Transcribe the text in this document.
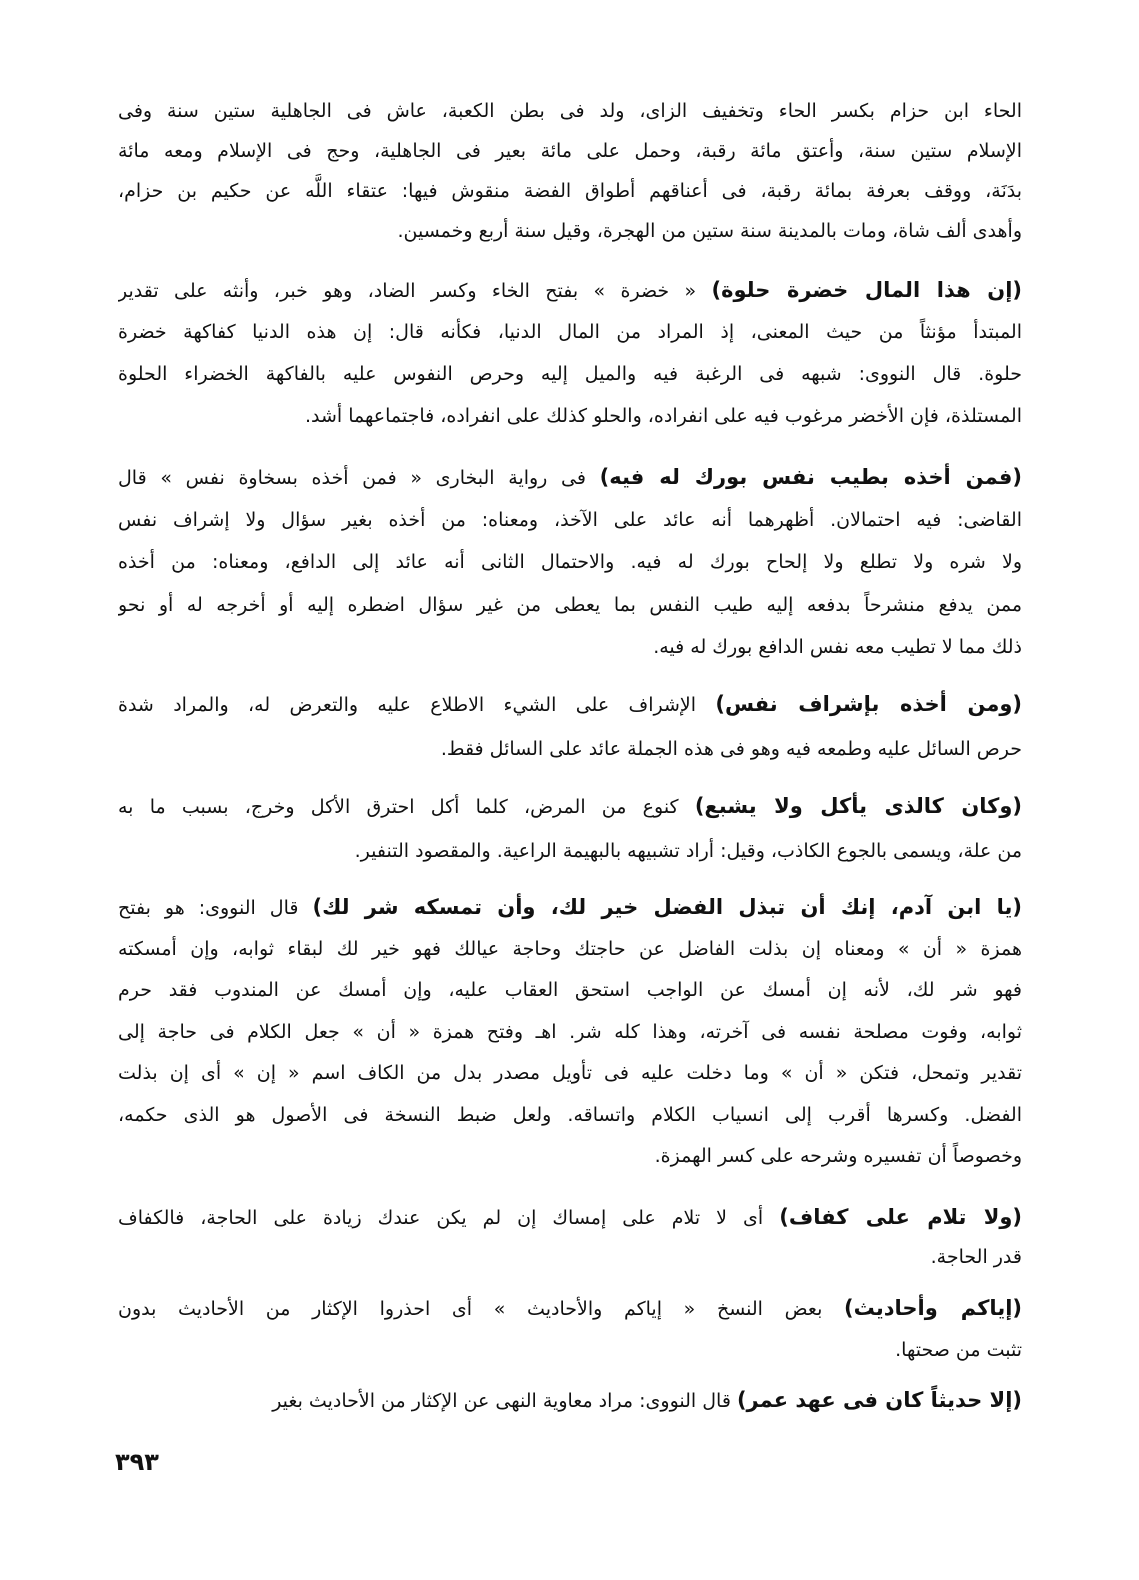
الحاء ابن حزام بكسر الحاء وتخفيف الزاى، ولد فى بطن الكعبة، عاش فى الجاهلية ستين سنة وفى
الإسلام ستين سنة، وأعتق مائة رقبة، وحمل على مائة بعير فى الجاهلية، وحج فى الإسلام ومعه مائة
بدَنَة، ووقف بعرفة بمائة رقبة، فى أعناقهم أطواق الفضة منقوش فيها: عتقاء اللَّه عن حكيم بن حزام،
وأهدى ألف شاة، ومات بالمدينة سنة ستين من الهجرة، وقيل سنة أربع وخمسين.
(إن هذا المال خضرة حلوة) « خضرة » بفتح الخاء وكسر الضاد، وهو خبر، وأنثه على تقدير
المبتدأ مؤنثاً من حيث المعنى، إذ المراد من المال الدنيا، فكأنه قال: إن هذه الدنيا كفاكهة خضرة
حلوة. قال النووى: شبهه فى الرغبة فيه والميل إليه وحرص النفوس عليه بالفاكهة الخضراء الحلوة
المستلذة، فإن الأخضر مرغوب فيه على انفراده، والحلو كذلك على انفراده، فاجتماعهما أشد.
(فمن أخذه بطيب نفس بورك له فيه) فى رواية البخارى « فمن أخذه بسخاوة نفس » قال
القاضى: فيه احتمالان. أظهرهما أنه عائد على الآخذ، ومعناه: من أخذه بغير سؤال ولا إشراف نفس
ولا شره ولا تطلع ولا إلحاح بورك له فيه. والاحتمال الثانى أنه عائد إلى الدافع، ومعناه: من أخذه
ممن يدفع منشرحاً بدفعه إليه طيب النفس بما يعطى من غير سؤال اضطره إليه أو أخرجه له أو نحو
ذلك مما لا تطيب معه نفس الدافع بورك له فيه.
(ومن أخذه بإشراف نفس) الإشراف على الشيء الاطلاع عليه والتعرض له، والمراد شدة
حرص السائل عليه وطمعه فيه وهو فى هذه الجملة عائد على السائل فقط.
(وكان كالذى يأكل ولا يشبع) كنوع من المرض، كلما أكل احترق الأكل وخرج، بسبب ما به
من علة، ويسمى بالجوع الكاذب، وقيل: أراد تشبيهه بالبهيمة الراعية. والمقصود التنفير.
(يا ابن آدم، إنك أن تبذل الفضل خير لك، وأن تمسكه شر لك) قال النووى: هو بفتح
همزة « أن » ومعناه إن بذلت الفاضل عن حاجتك وحاجة عيالك فهو خير لك لبقاء ثوابه، وإن أمسكته
فهو شر لك، لأنه إن أمسك عن الواجب استحق العقاب عليه، وإن أمسك عن المندوب فقد حرم
ثوابه، وفوت مصلحة نفسه فى آخرته، وهذا كله شر. اهـ وفتح همزة « أن » جعل الكلام فى حاجة إلى
تقدير وتمحل، فتكن « أن » وما دخلت عليه فى تأويل مصدر بدل من الكاف اسم « إن » أى إن بذلت
الفضل. وكسرها أقرب إلى انسياب الكلام واتساقه. ولعل ضبط النسخة فى الأصول هو الذى حكمه،
وخصوصاً أن تفسيره وشرحه على كسر الهمزة.
(ولا تلام على كفاف) أى لا تلام على إمساك إن لم يكن عندك زيادة على الحاجة، فالكفاف
قدر الحاجة.
(إياكم وأحاديث) بعض النسخ « إياكم والأحاديث » أى احذروا الإكثار من الأحاديث بدون
تثبت من صحتها.
(إلا حديثاً كان فى عهد عمر) قال النووى: مراد معاوية النهى عن الإكثار من الأحاديث بغير
٣٩٣
